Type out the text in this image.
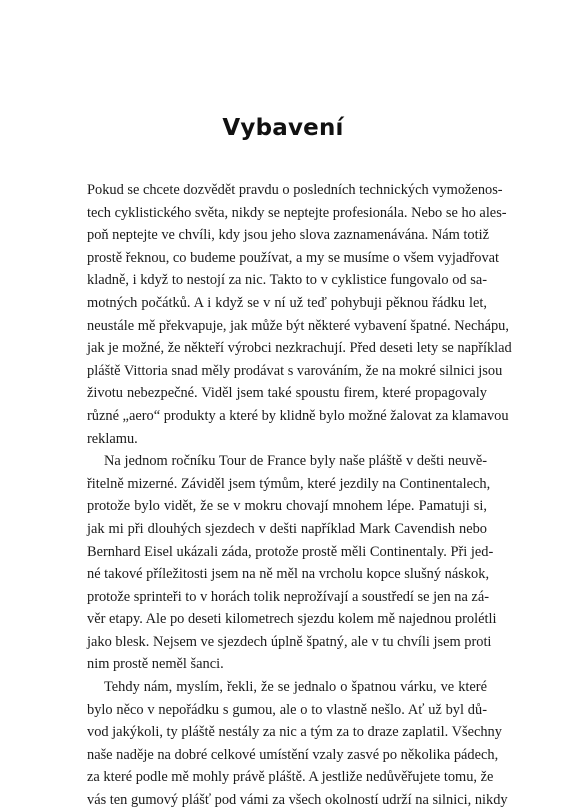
Vybavení
Pokud se chcete dozvědět pravdu o posledních technických vymoženos-
tech cyklistického světa, nikdy se neptejte profesionála. Nebo se ho ales-
poň neptejte ve chvíli, kdy jsou jeho slova zaznamenávána. Nám totiž
prostě řeknou, co budeme používat, a my se musíme o všem vyjadřovat
kladně, i když to nestojí za nic. Takto to v cyklistice fungovalo od sa-
motných počátků. A i když se v ní už teď pohybuji pěknou řádku let,
neustále mě překvapuje, jak může být některé vybavení špatné. Nechápu,
jak je možné, že někteří výrobci nezkrachují. Před deseti lety se například
pláště Vittoria snad měly prodávat s varováním, že na mokré silnici jsou
životu nebezpečné. Viděl jsem také spoustu firem, které propagovaly
různé „aero“ produkty a které by klidně bylo možné žalovat za klamavou
reklamu.
Na jednom ročníku Tour de France byly naše pláště v dešti neuvě-
řitelně mizerné. Záviděl jsem týmům, které jezdily na Continentalech,
protože bylo vidět, že se v mokru chovají mnohem lépe. Pamatuji si,
jak mi při dlouhých sjezdech v dešti například Mark Cavendish nebo
Bernhard Eisel ukázali záda, protože prostě měli Continentaly. Při jed-
né takové příležitosti jsem na ně měl na vrcholu kopce slušný náskok,
protože sprinteři to v horách tolik neprožívají a soustředí se jen na zá-
věr etapy. Ale po deseti kilometrech sjezdu kolem mě najednou prolétli
jako blesk. Nejsem ve sjezdech úplně špatný, ale v tu chvíli jsem proti
nim prostě neměl šanci.
Tehdy nám, myslím, řekli, že se jednalo o špatnou várku, ve které
bylo něco v nepořádku s gumou, ale o to vlastně nešlo. Ať už byl dů-
vod jakýkoli, ty pláště nestály za nic a tým za to draze zaplatil. Všechny
naše naděje na dobré celkové umístění vzaly zasvé po několika pádech,
za které podle mě mohly právě pláště. A jestliže nedůvěřujete tomu, že
vás ten gumový plášť pod vámi za všech okolností udrží na silnici, nikdy
